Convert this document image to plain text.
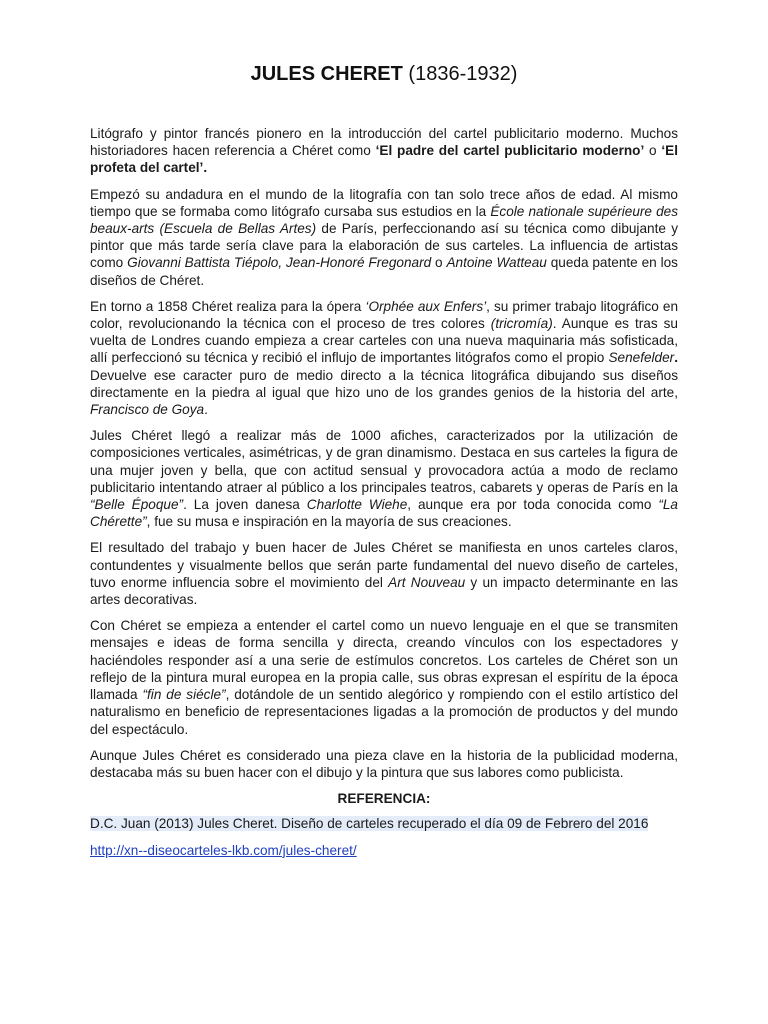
JULES CHERET (1836-1932)

Litógrafo y pintor francés pionero en la introducción del cartel publicitario moderno. Muchos historiadores hacen referencia a Chéret como ‘El padre del cartel publicitario moderno’ o ‘El profeta del cartel’.

Empezó su andadura en el mundo de la litografía con tan solo trece años de edad. Al mismo tiempo que se formaba como litógrafo cursaba sus estudios en la École nationale supérieure des beaux-arts (Escuela de Bellas Artes) de París, perfeccionando así su técnica como dibujante y pintor que más tarde sería clave para la elaboración de sus carteles. La influencia de artistas como Giovanni Battista Tiépolo, Jean-Honoré Fregonard o Antoine Watteau queda patente en los diseños de Chéret.

En torno a 1858 Chéret realiza para la ópera ‘Orphée aux Enfers’, su primer trabajo litográfico en color, revolucionando la técnica con el proceso de tres colores (tricromía). Aunque es tras su vuelta de Londres cuando empieza a crear carteles con una nueva maquinaria más sofisticada, allí perfeccionó su técnica y recibió el influjo de importantes litógrafos como el propio Senefelder. Devuelve ese caracter puro de medio directo a la técnica litográfica dibujando sus diseños directamente en la piedra al igual que hizo uno de los grandes genios de la historia del arte, Francisco de Goya.

Jules Chéret llegó a realizar más de 1000 afiches, caracterizados por la utilización de composiciones verticales, asimétricas, y de gran dinamismo. Destaca en sus carteles la figura de una mujer joven y bella, que con actitud sensual y provocadora actúa a modo de reclamo publicitario intentando atraer al público a los principales teatros, cabarets y operas de París en la “Belle Époque”. La joven danesa Charlotte Wiehe, aunque era por toda conocida como “La Chérette”, fue su musa e inspiración en la mayoría de sus creaciones.

El resultado del trabajo y buen hacer de Jules Chéret se manifiesta en unos carteles claros, contundentes y visualmente bellos que serán parte fundamental del nuevo diseño de carteles, tuvo enorme influencia sobre el movimiento del Art Nouveau y un impacto determinante en las artes decorativas.

Con Chéret se empieza a entender el cartel como un nuevo lenguaje en el que se transmiten mensajes e ideas de forma sencilla y directa, creando vínculos con los espectadores y haciéndoles responder así a una serie de estímulos concretos. Los carteles de Chéret son un reflejo de la pintura mural europea en la propia calle, sus obras expresan el espíritu de la época llamada “fin de siécle”, dotándole de un sentido alegórico y rompiendo con el estilo artístico del naturalismo en beneficio de representaciones ligadas a la promoción de productos y del mundo del espectáculo.

Aunque Jules Chéret es considerado una pieza clave en la historia de la publicidad moderna, destacaba más su buen hacer con el dibujo y la pintura que sus labores como publicista.

REFERENCIA:

D.C. Juan (2013) Jules Cheret. Diseño de carteles recuperado el día 09 de Febrero del 2016

http://xn--diseocarteles-lkb.com/jules-cheret/
